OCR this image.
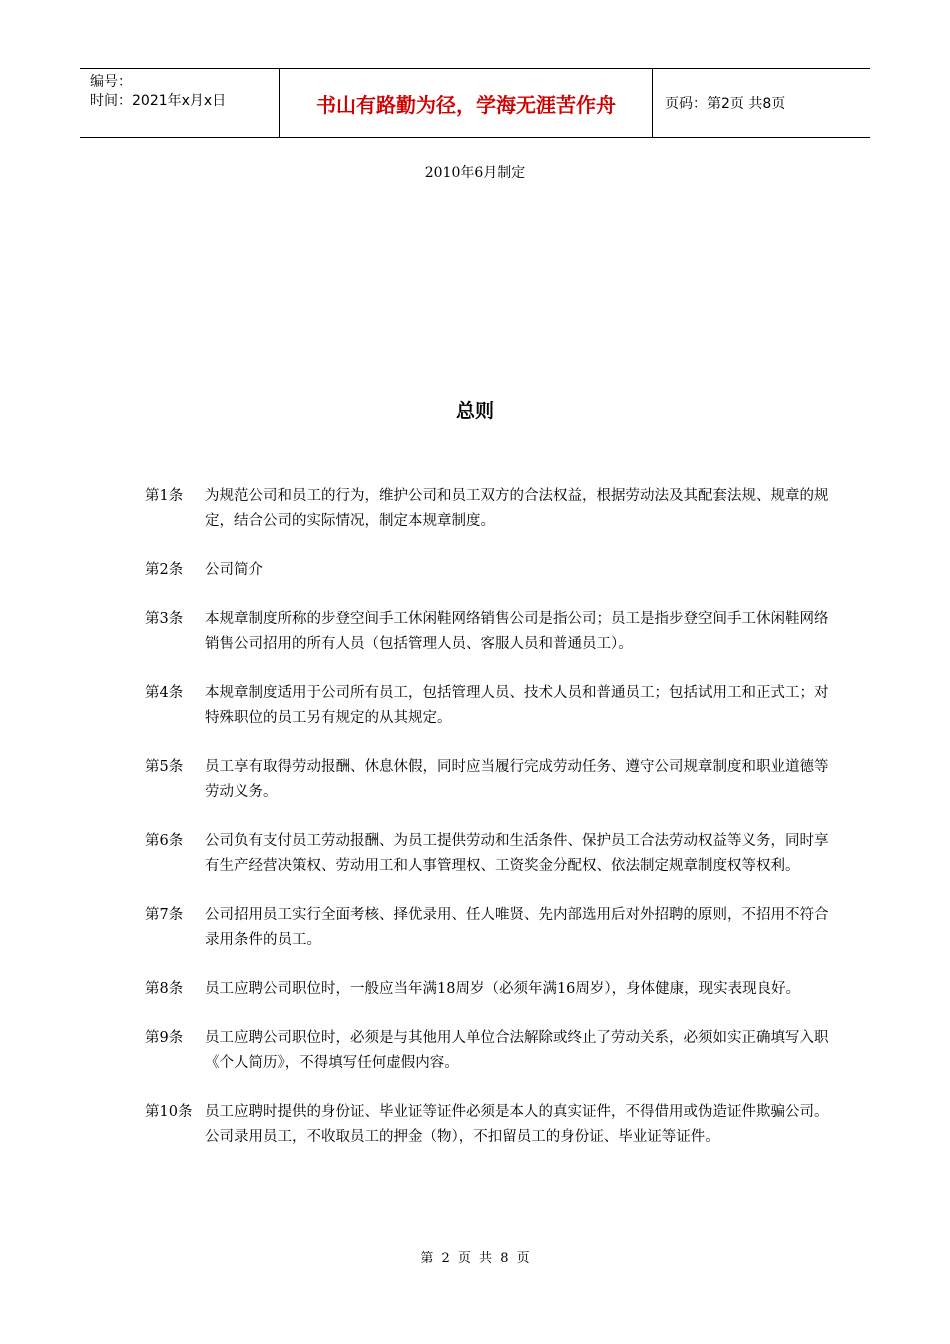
编号：
时间：2021年x月x日	书山有路勤为径，学海无涯苦作舟	页码：第2页 共8页
2010年6月制定
总则
第1条	为规范公司和员工的行为，维护公司和员工双方的合法权益，根据劳动法及其配套法规、规章的规定，结合公司的实际情况，制定本规章制度。
第2条	公司简介
第3条	本规章制度所称的步登空间手工休闲鞋网络销售公司是指公司；员工是指步登空间手工休闲鞋网络销售公司招用的所有人员（包括管理人员、客服人员和普通员工）。
第4条	本规章制度适用于公司所有员工，包括管理人员、技术人员和普通员工；包括试用工和正式工；对特殊职位的员工另有规定的从其规定。
第5条	员工享有取得劳动报酬、休息休假，同时应当履行完成劳动任务、遵守公司规章制度和职业道德等劳动义务。
第6条	公司负有支付员工劳动报酬、为员工提供劳动和生活条件、保护员工合法劳动权益等义务，同时享有生产经营决策权、劳动用工和人事管理权、工资奖金分配权、依法制定规章制度权等权利。
第7条	公司招用员工实行全面考核、择优录用、任人唯贤、先内部选用后对外招聘的原则，不招用不符合录用条件的员工。
第8条	员工应聘公司职位时，一般应当年满18周岁（必须年满16周岁），身体健康，现实表现良好。
第9条	员工应聘公司职位时，必须是与其他用人单位合法解除或终止了劳动关系，必须如实正确填写入职《个人简历》，不得填写任何虚假内容。
第10条 员工应聘时提供的身份证、毕业证等证件必须是本人的真实证件，不得借用或伪造证件欺骗公司。公司录用员工，不收取员工的押金（物），不扣留员工的身份证、毕业证等证件。
第 2 页 共 8 页
